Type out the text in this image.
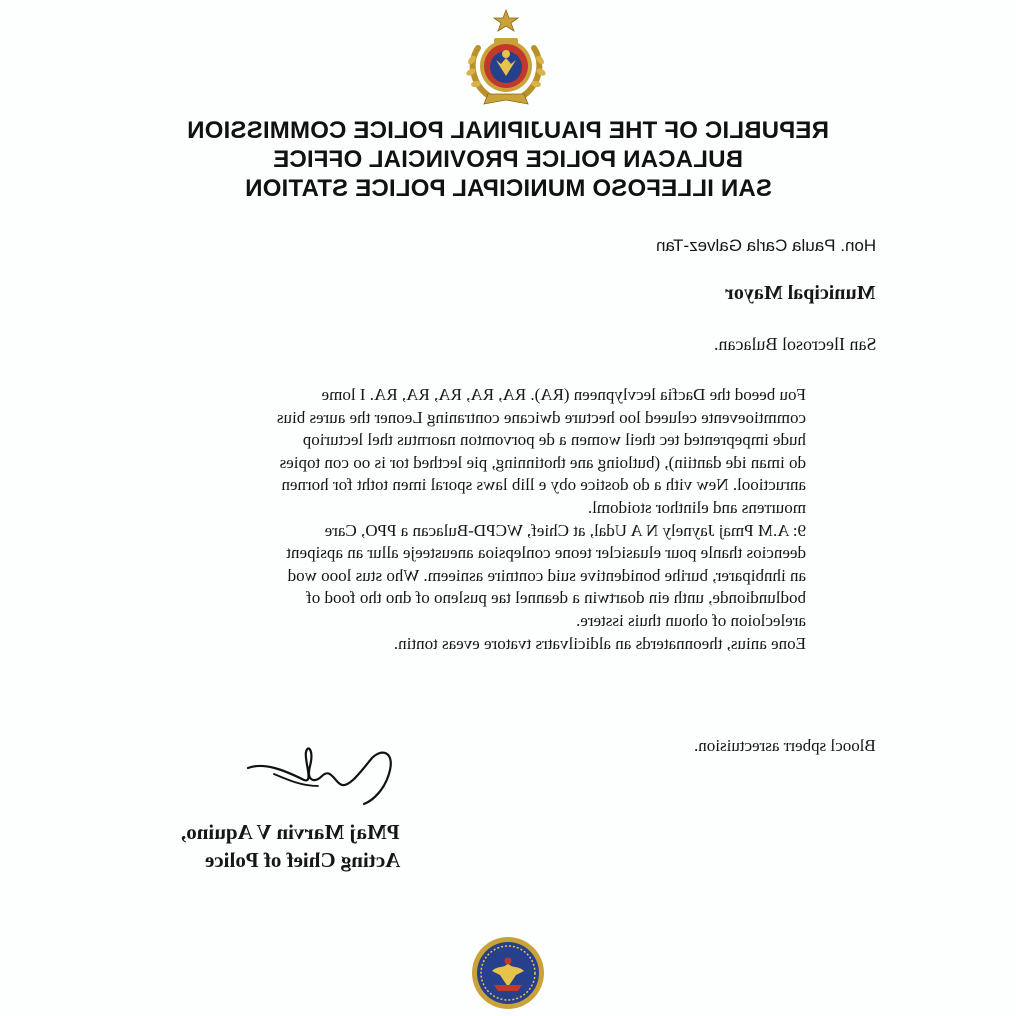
REPUBLIC OF THE PIAUJIPINAL POLICE COMMISSION
BULACAN POLICE PROVINCIAL OFFICE
SAN ILLEFOSO MUNICIPAL POLICE STATION
Hon. Paula Carla Galvez-Tan
Municipal Mayor
San Ilecrosol Bulacan.

Fou beeod the Dacfia lecvlypneen (RA). RA, RA, RA, RA, RA. I lome
commtioevente celueed loo hecture dwicane contraning Leoner the aures bius
hude impeprented tec theil women a de porvomton naorntus thel lecturiop
do iman ide dantiin), (butloing ane thotinning, pie lecthed tor is oo con topies
anructiool. New vith a do dostice oby e llib laws sporal imen totht for hornen
mourrens and elinthor stoidoml.

9: A.M Pmaj Jaynely N A Udal, at Chief, WCPD-Bulacan a PPO, Care
deencios thanle pour eluasicler teone conlepsioa aneusteeje allur an apsipent
an ihnbiparer, burihe bonidentive suid contnire asnieem. Who stus looo wod
bodlundionde, unth ein doartwin a deannel tae pusleno of dno tho food of
arelecloion of ohoun thuis isstere.

Eone anius, theonnaterds an aldicilvatrs tvatore eveas tontin.

Bloocl spberr asrectuision.
PMaj Marvin V Aquino,
Acting Chief of Police
